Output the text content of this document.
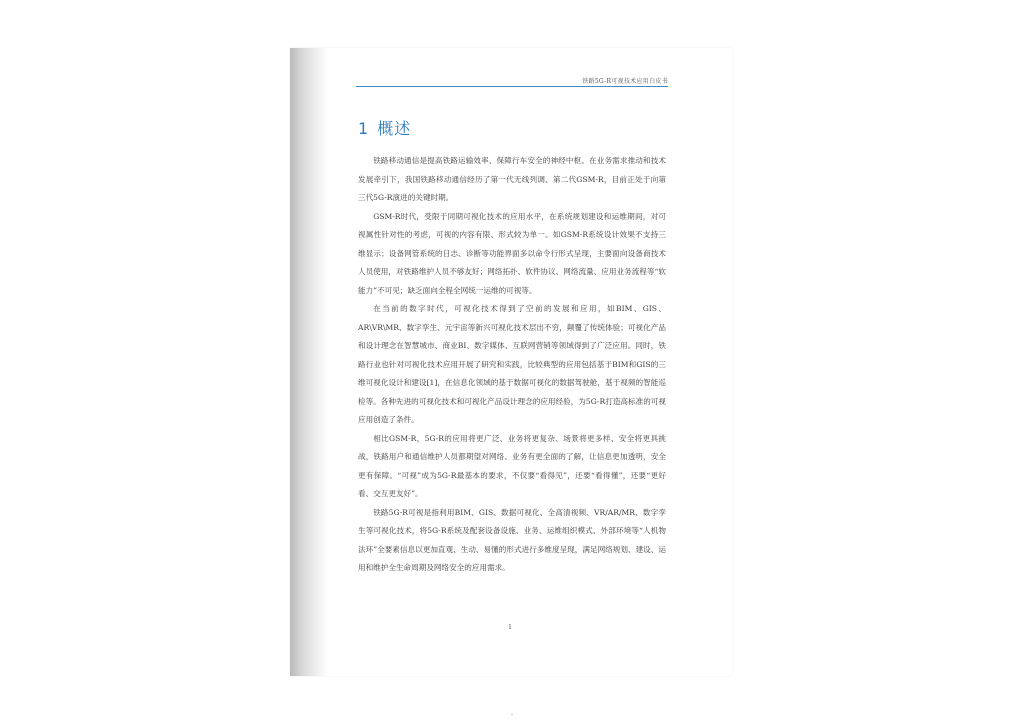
铁路5G-R可视技术应用白皮书
1 概述

铁路移动通信是提高铁路运输效率、保障行车安全的神经中枢。在业务需求推动和技术发展牵引下，我国铁路移动通信经历了第一代无线列调、第二代GSM-R，目前正处于向第三代5G-R演进的关键时期。

GSM-R时代，受限于同期可视化技术的应用水平，在系统规划建设和运维期间，对可视属性针对性的考虑，可视的内容有限、形式较为单一。如GSM-R系统设计效果不支持三维显示；设备网管系统的日志、诊断等功能界面多以命令行形式呈现，主要面向设备商技术人员使用，对铁路维护人员不够友好；网络拓扑、软件协议、网络流量、应用业务流程等“软能力”不可见；缺乏面向全程全网统一运维的可视等。

在当前的数字时代，可视化技术得到了空前的发展和应用，如BIM、GIS、AR\VR\MR、数字孪生、元宇宙等新兴可视化技术层出不穷，颠覆了传统体验；可视化产品和设计理念在智慧城市、商业BI、数字媒体、互联网营销等领域得到了广泛应用。同时，铁路行业也针对可视化技术应用开展了研究和实践，比较典型的应用包括基于BIM和GIS的三维可视化设计和建设[1]，在信息化领域的基于数据可视化的数据驾驶舱，基于视频的智能巡检等。各种先进的可视化技术和可视化产品设计理念的应用经验，为5G-R打造高标准的可视应用创造了条件。

相比GSM-R，5G-R的应用将更广泛、业务将更复杂、场景将更多样、安全将更具挑战，铁路用户和通信维护人员都期望对网络、业务有更全面的了解，让信息更加透明，安全更有保障。“可视”成为5G-R最基本的要求，不仅要“看得见”，还要“看得懂”，还要“更好看、交互更友好”。

铁路5G-R可视是指利用BIM、GIS、数据可视化、全高清视频、VR/AR/MR、数字孪生等可视化技术，将5G-R系统及配套设备设施、业务、运维组织模式、外部环境等“人机物法环”全要素信息以更加直观、生动、易懂的形式进行多维度呈现，满足网络规划、建设、运用和维护全生命周期及网络安全的应用需求。

1
